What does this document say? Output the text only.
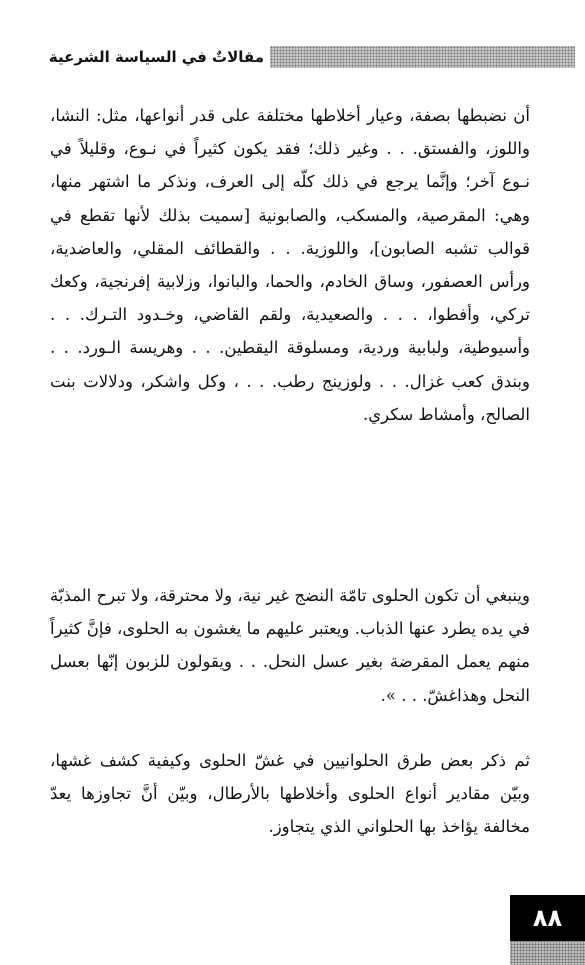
مقالاتٌ في السياسة الشرعية

أن نضبطها بصفة، وعيار أخلاطها مختلفة على قدر أنواعها، مثل: النشا، واللوز، والفستق. . . وغير ذلك؛ فقد يكون كثيراً في نـوع، وقليلاً في نـوع آخر؛ وإنَّما يرجع في ذلك كلّه إلى العرف، ونذكر ما اشتهر منها، وهي: المقرصية، والمسكب، والصابونية [سميت بذلك لأنها تقطع في قوالب تشبه الصابون]، واللوزية. . . والقطائف المقلي، والعاضدية، ورأس العصفور، وساق الخادم، والحما، والبانوا، وزلابية إفرنجية، وكعك تركي، وأفطوا، . . . والصعيدية، ولقم القاضي، وخـدود التـرك. . . وأسيوطية، ولبابية وردية، ومسلوقة اليقطين. . . وهريسة الـورد. . . وبندق كعب غزال. . . ولوزينج رطب. . . ، وكل واشكر، ودلالات بنت الصالح، وأمشاط سكري.

وينبغي أن تكون الحلوى تامّة النضج غير نية، ولا محترقة، ولا تبرح المذبّة في يده يطرد عنها الذباب. ويعتبر عليهم ما يغشون به الحلوى، فإنَّ كثيراً منهم يعمل المقرضة بغير عسل النحل. . . ويقولون للزبون إنّها بعسل النحل وهذاغشّ. . . ».

ثم ذكر بعض طرق الحلوانيين في غشّ الحلوى وكيفية كشف غشها، وبيّن مقادير أنواع الحلوى وأخلاطها بالأرطال، وبيّن أنَّ تجاوزها يعدّ مخالفة يؤاخذ بها الحلواني الذي يتجاوز.

٨٨
